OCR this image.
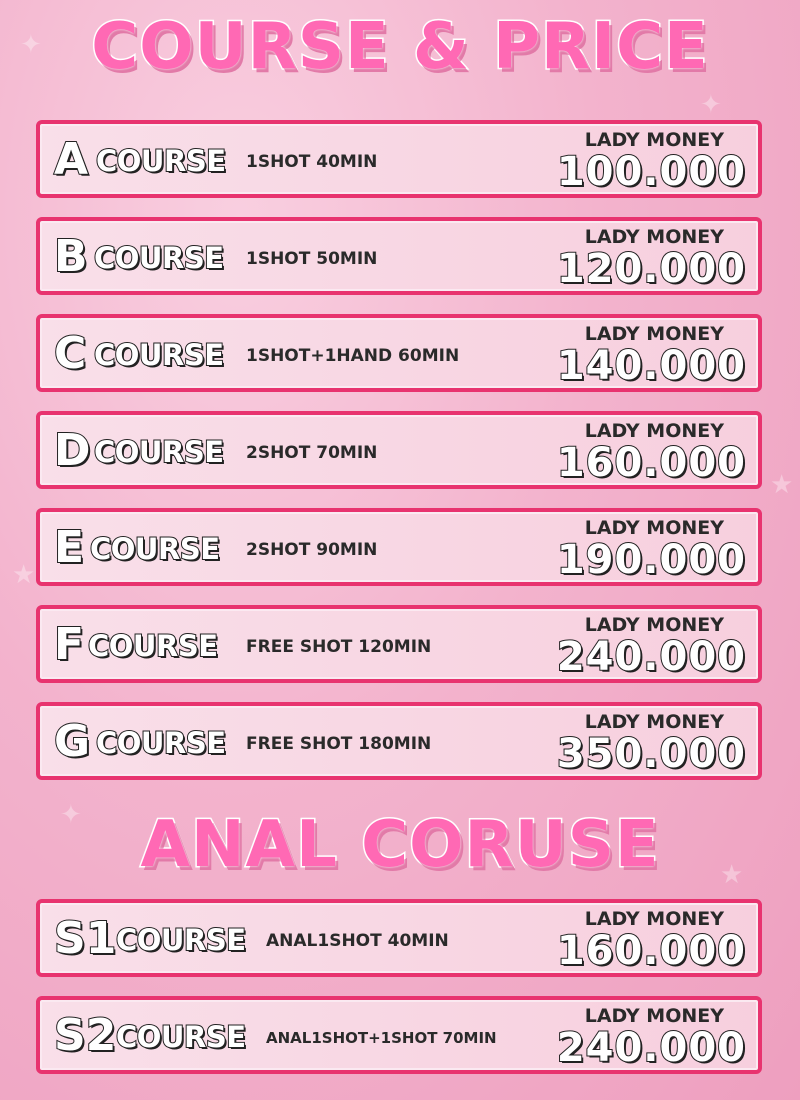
✦
✦
★
★
✦
★
COURSE & PRICE
A COURSE 1SHOT 40MIN
LADY MONEY
100.000
B COURSE 1SHOT 50MIN
LADY MONEY
120.000
C COURSE 1SHOT+1HAND 60MIN
LADY MONEY
140.000
D COURSE 2SHOT 70MIN
LADY MONEY
160.000
E COURSE 2SHOT 90MIN
LADY MONEY
190.000
F COURSE FREE SHOT 120MIN
LADY MONEY
240.000
G COURSE FREE SHOT 180MIN
LADY MONEY
350.000
ANAL CORUSE
S1 COURSE ANAL1SHOT 40MIN
LADY MONEY
160.000
S2 COURSE ANAL1SHOT+1SHOT 70MIN
LADY MONEY
240.000
